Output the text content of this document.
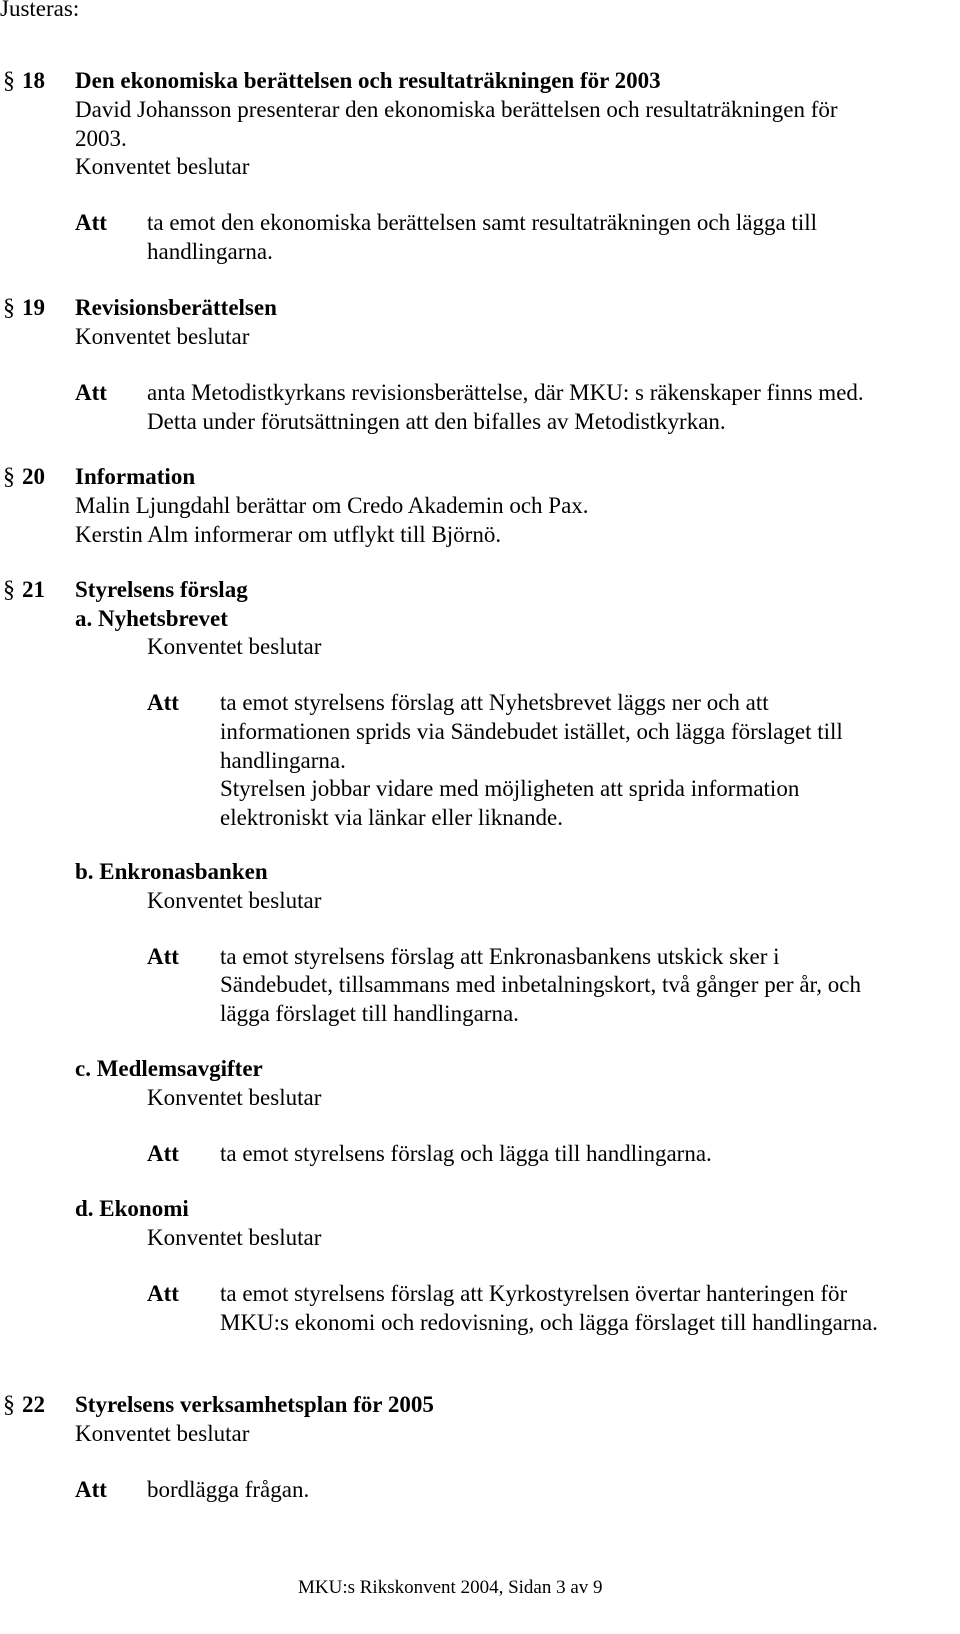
Justeras:
§ 18 Den ekonomiska berättelsen och resultaträkningen för 2003
David Johansson presenterar den ekonomiska berättelsen och resultaträkningen för
2003.
Konventet beslutar
Att ta emot den ekonomiska berättelsen samt resultaträkningen och lägga till
handlingarna.
§ 19 Revisionsberättelsen
Konventet beslutar
Att anta Metodistkyrkans revisionsberättelse, där MKU: s räkenskaper finns med.
Detta under förutsättningen att den bifalles av Metodistkyrkan.
§ 20 Information
Malin Ljungdahl berättar om Credo Akademin och Pax.
Kerstin Alm informerar om utflykt till Björnö.
§ 21 Styrelsens förslag
a. Nyhetsbrevet
Konventet beslutar
Att ta emot styrelsens förslag att Nyhetsbrevet läggs ner och att
informationen sprids via Sändebudet istället, och lägga förslaget till
handlingarna.
Styrelsen jobbar vidare med möjligheten att sprida information
elektroniskt via länkar eller liknande.
b. Enkronasbanken
Konventet beslutar
Att ta emot styrelsens förslag att Enkronasbankens utskick sker i
Sändebudet, tillsammans med inbetalningskort, två gånger per år, och
lägga förslaget till handlingarna.
c. Medlemsavgifter
Konventet beslutar
Att ta emot styrelsens förslag och lägga till handlingarna.
d. Ekonomi
Konventet beslutar
Att ta emot styrelsens förslag att Kyrkostyrelsen övertar hanteringen för
MKU:s ekonomi och redovisning, och lägga förslaget till handlingarna.
§ 22 Styrelsens verksamhetsplan för 2005
Konventet beslutar
Att bordlägga frågan.
MKU:s Rikskonvent 2004, Sidan 3 av 9
